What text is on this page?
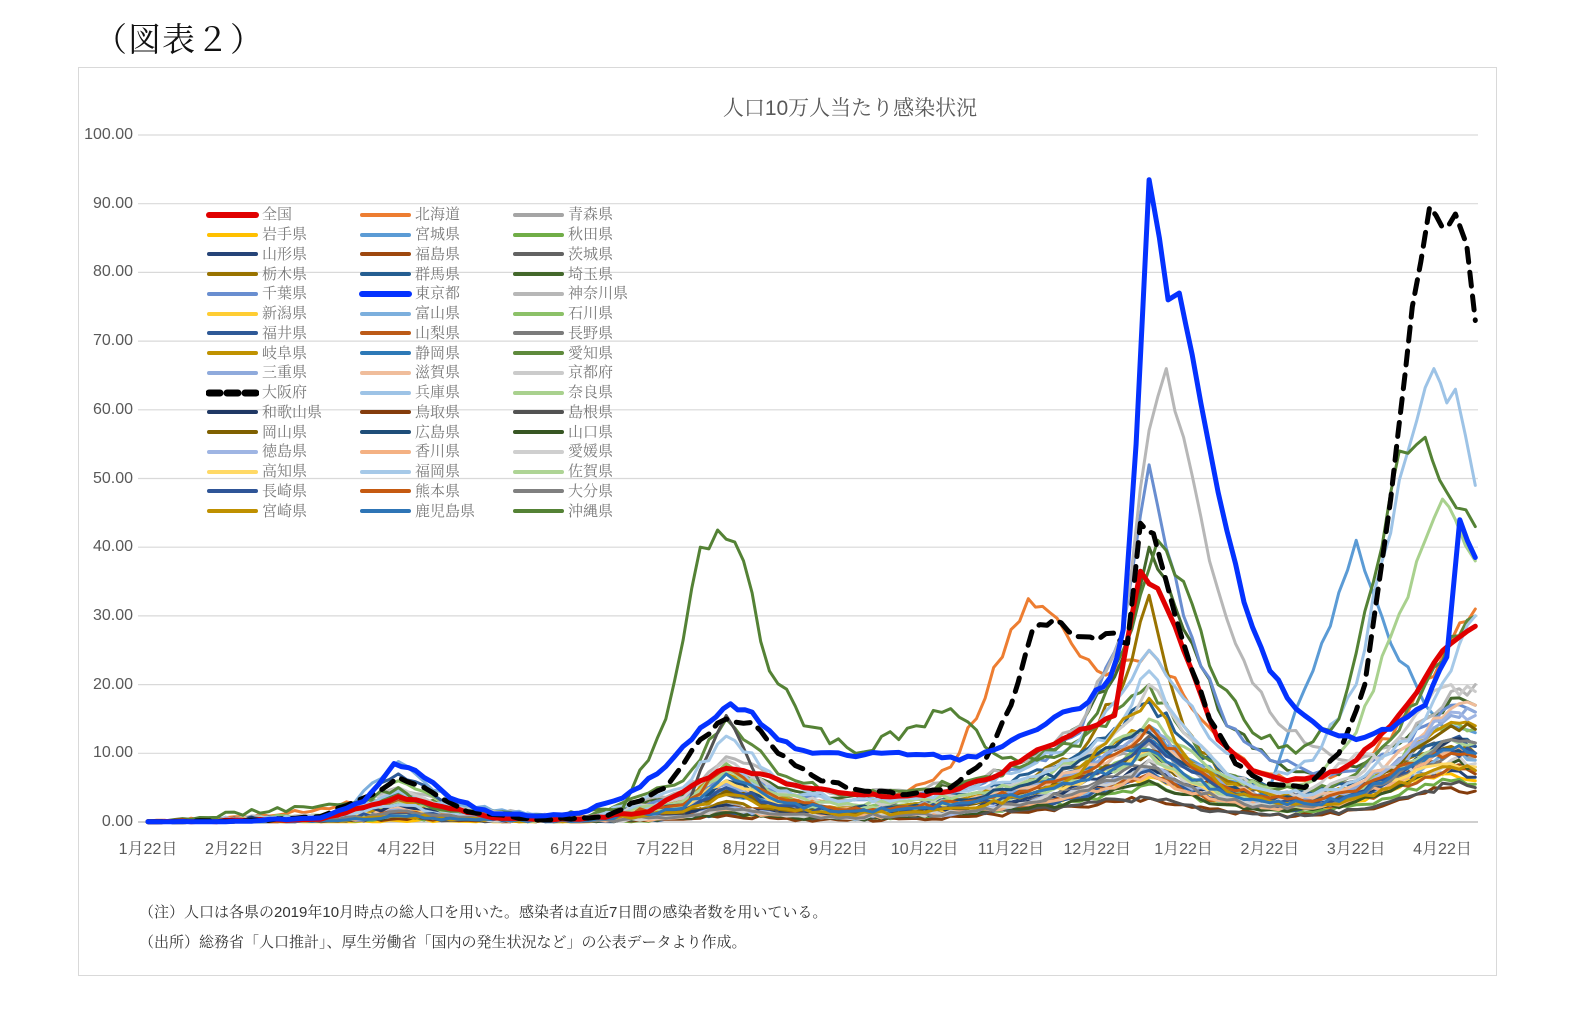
（図表２）
人口10万人当たり感染状況
100.00
90.00
80.00
70.00
60.00
50.00
40.00
30.00
20.00
10.00
0.00
1月22日	2月22日	3月22日	4月22日	5月22日	6月22日	7月22日	8月22日	9月22日	10月22日	11月22日	12月22日	1月22日	2月22日	3月22日	4月22日
全国	北海道	青森県
岩手県	宮城県	秋田県
山形県	福島県	茨城県
栃木県	群馬県	埼玉県
千葉県	東京都	神奈川県
新潟県	富山県	石川県
福井県	山梨県	長野県
岐阜県	静岡県	愛知県
三重県	滋賀県	京都府
大阪府	兵庫県	奈良県
和歌山県	鳥取県	島根県
岡山県	広島県	山口県
徳島県	香川県	愛媛県
高知県	福岡県	佐賀県
長崎県	熊本県	大分県
宮崎県	鹿児島県	沖縄県
（注）人口は各県の2019年10月時点の総人口を用いた。感染者は直近7日間の感染者数を用いている。
（出所）総務省「人口推計」、厚生労働省「国内の発生状況など」の公表データより作成。
